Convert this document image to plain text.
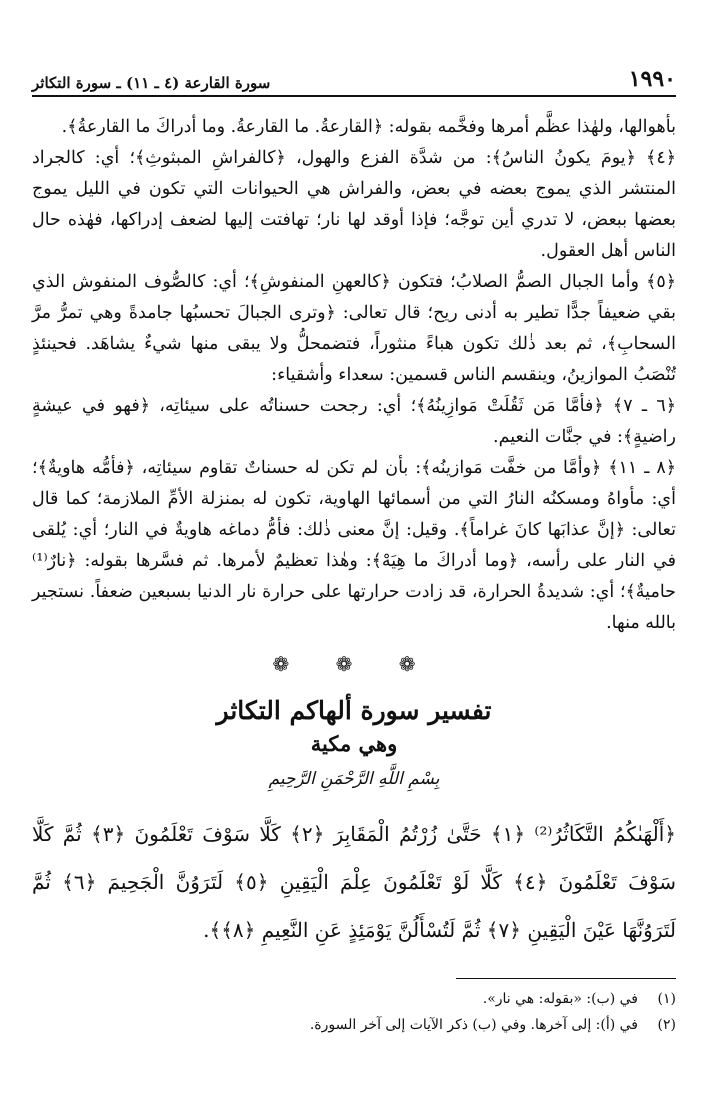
١٩٩٠
سورة القارعة (٤ ـ ١١) ـ سورة التكاثر

بأهوالها، ولهٰذا عظَّم أمرها وفخَّمه بقوله: ﴿القارعةُ. ما القارعةُ. وما أدراكَ ما القارعةُ﴾.

﴿٤﴾ ﴿يومَ يكونُ الناسُ﴾: من شدَّة الفزع والهول، ﴿كالفراشِ المبثوثِ﴾؛ أي: كالجراد المنتشر الذي يموج بعضه في بعض، والفراش هي الحيوانات التي تكون في الليل يموج بعضها ببعض، لا تدري أين توجَّه؛ فإذا أوقد لها نار؛ تهافتت إليها لضعف إدراكها، فهٰذه حال الناس أهل العقول.

﴿٥﴾ وأما الجبال الصمُّ الصلابُ؛ فتكون ﴿كالعهنِ المنفوشِ﴾؛ أي: كالصُّوف المنفوش الذي بقي ضعيفاً جدًّا تطير به أدنى ريح؛ قال تعالى: ﴿وترى الجبالَ تحسبُها جامدةً وهي تمرُّ مرَّ السحابِ﴾، ثم بعد ذٰلك تكون هباءً منثوراً، فتضمحلُّ ولا يبقى منها شيءٌ يشاهَد. فحينئذٍ تُنْصَبُ الموازينُ، وينقسم الناس قسمين: سعداء وأشقياء:

﴿٦ ـ ٧﴾ ﴿فأمَّا مَن ثَقُلَتْ مَوازِينُهُ﴾؛ أي: رجحت حسناتُه على سيئاتِه، ﴿فهو في عيشةٍ راضيةٍ﴾: في جنَّات النعيم.

﴿٨ ـ ١١﴾ ﴿وأمَّا من خفَّت مَوازينُه﴾: بأن لم تكن له حسناتٌ تقاوم سيئاتِه، ﴿فأمُّه هاويةٌ﴾؛ أي: مأواهُ ومسكنُه النارُ التي من أسمائها الهاوية، تكون له بمنزلة الأمِّ الملازمة؛ كما قال تعالى: ﴿إنَّ عذابَها كانَ غراماً﴾. وقيل: إنَّ معنى ذٰلك: فأمُّ دماغه هاويةٌ في النار؛ أي: يُلقى في النار على رأسه، ﴿وما أدراكَ ما هِيَهْ﴾: وهٰذا تعظيمٌ لأمرها. ثم فسَّرها بقوله: ﴿نارٌ⁽¹⁾ حاميةٌ﴾؛ أي: شديدةُ الحرارة، قد زادت حرارتها على حرارة نار الدنيا بسبعين ضعفاً. نستجير بالله منها.

❁ ❁ ❁
تفسير سورة ألهاكم التكاثر
وهي مكية
بِسْمِ اللَّهِ الرَّحْمَنِ الرَّحِيمِ
﴿أَلْهَىٰكُمُ التَّكَاثُرُ⁽²⁾ ﴿١﴾ حَتَّىٰ زُرْتُمُ الْمَقَابِرَ ﴿٢﴾ كَلَّا سَوْفَ تَعْلَمُونَ ﴿٣﴾ ثُمَّ كَلَّا سَوْفَ تَعْلَمُونَ ﴿٤﴾ كَلَّا لَوْ تَعْلَمُونَ عِلْمَ الْيَقِينِ ﴿٥﴾ لَتَرَوُنَّ الْجَحِيمَ ﴿٦﴾ ثُمَّ لَتَرَوُنَّهَا عَيْنَ الْيَقِينِ ﴿٧﴾ ثُمَّ لَتُسْأَلُنَّ يَوْمَئِذٍ عَنِ النَّعِيمِ ﴿٨﴾﴾.
(١)
في (ب): «بقوله: هي نار».
(٢)
في (أ): إلى آخرها. وفي (ب) ذكر الآيات إلى آخر السورة.
